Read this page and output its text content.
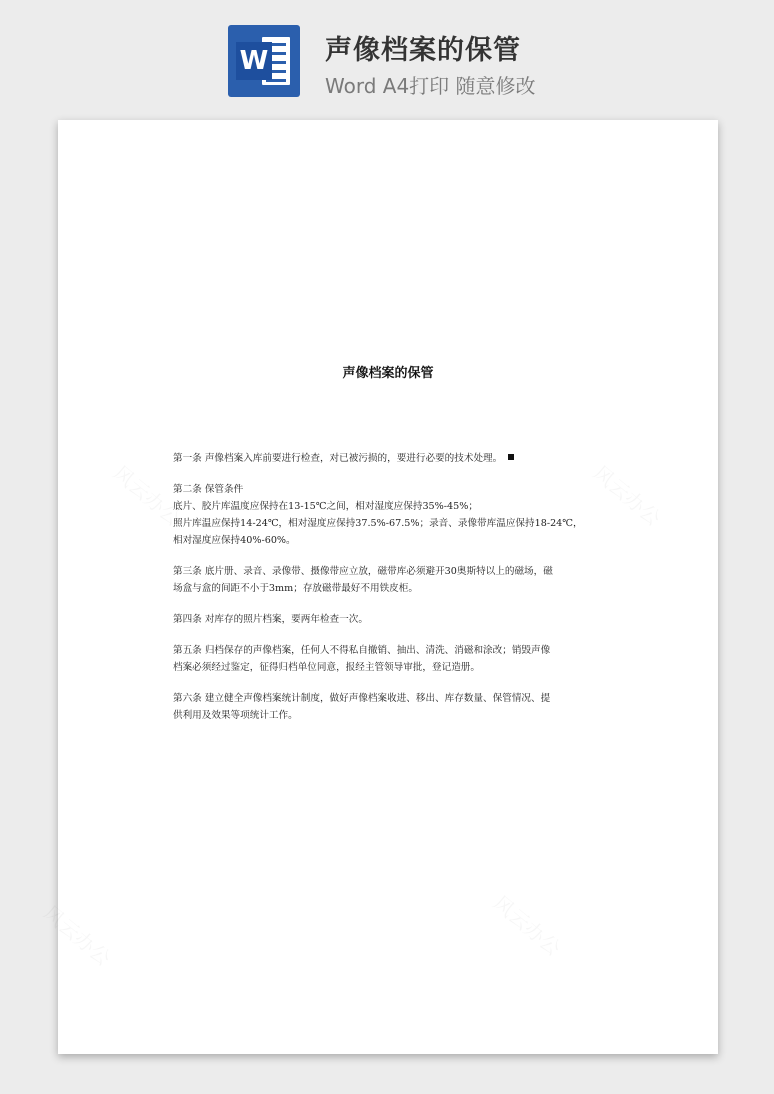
W 声像档案的保管
Word A4打印 随意修改
声像档案的保管

第一条 声像档案入库前要进行检查，对已被污损的，要进行必要的技术处理。

第二条 保管条件
底片、胶片库温度应保持在13-15℃之间，相对湿度应保持35%-45%；
照片库温应保持14-24℃，相对湿度应保持37.5%-67.5%；录音、录像带库温应保持18-24℃，
相对湿度应保持40%-60%。

第三条 底片册、录音、录像带、摄像带应立放，磁带库必须避开30奥斯特以上的磁场，磁
场盒与盒的间距不小于3mm；存放磁带最好不用铁皮柜。

第四条 对库存的照片档案，要两年检查一次。

第五条 归档保存的声像档案，任何人不得私自撤销、抽出、清洗、消磁和涂改；销毁声像
档案必须经过鉴定，征得归档单位同意，报经主管领导审批，登记造册。

第六条 建立健全声像档案统计制度，做好声像档案收进、移出、库存数量、保管情况、提
供利用及效果等项统计工作。
